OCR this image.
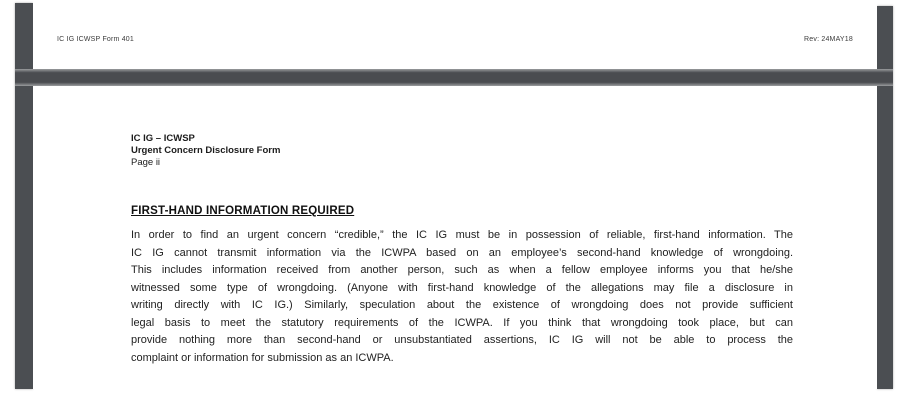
IC IG ICWSP Form 401	Rev: 24MAY18
IC IG – ICWSP
Urgent Concern Disclosure Form
Page ii
FIRST-HAND INFORMATION REQUIRED
In order to find an urgent concern “credible,” the IC IG must be in possession of reliable, first-hand information. The
IC IG cannot transmit information via the ICWPA based on an employee’s second-hand knowledge of wrongdoing.
This includes information received from another person, such as when a fellow employee informs you that he/she
witnessed some type of wrongdoing. (Anyone with first-hand knowledge of the allegations may file a disclosure in
writing directly with IC IG.) Similarly, speculation about the existence of wrongdoing does not provide sufficient
legal basis to meet the statutory requirements of the ICWPA. If you think that wrongdoing took place, but can
provide nothing more than second-hand or unsubstantiated assertions, IC IG will not be able to process the
complaint or information for submission as an ICWPA.
